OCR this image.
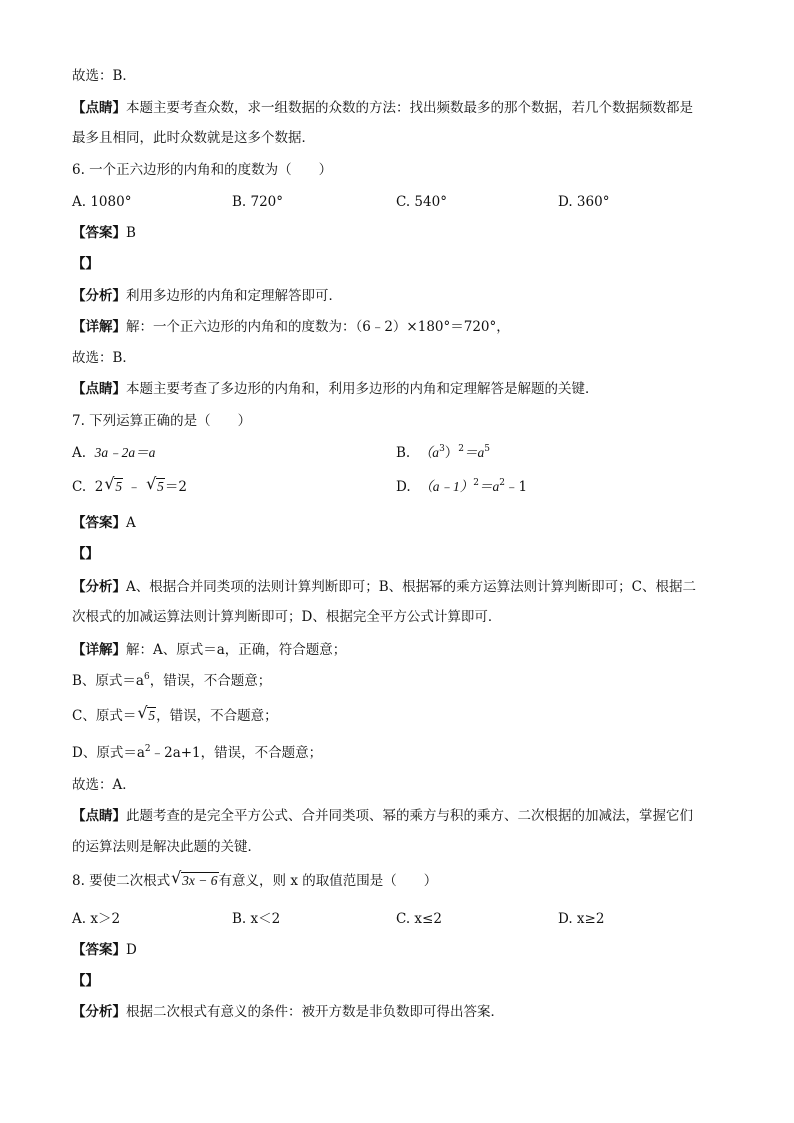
故选：B．

【点睛】本题主要考查众数，求一组数据的众数的方法：找出频数最多的那个数据，若几个数据频数都是

最多且相同，此时众数就是这多个数据．

6. 一个正六边形的内角和的度数为（　　）

A. 1080°	B. 720°	C. 540°	D. 360°

【答案】B

【】

【分析】利用多边形的内角和定理解答即可．

【详解】解：一个正六边形的内角和的度数为：（6﹣2）×180°＝720°，

故选：B．

【点睛】本题主要考查了多边形的内角和，利用多边形的内角和定理解答是解题的关键．

7. 下列运算正确的是（　　）

A. 3a﹣2a＝a	B. $(a^3)^2=a^5$
C. 2 √ 5 ﹣ √ 5＝2	D. $(a﹣1)^2=a^2﹣1$

【答案】A

【】

【分析】A、根据合并同类项的法则计算判断即可；B、根据幂的乘方运算法则计算判断即可；C、根据二

次根式的加减运算法则计算判断即可；D、根据完全平方公式计算即可．

【详解】解：A、原式＝a，正确，符合题意；

B、原式$=a^6$，错误，不合题意；

C、原式＝ √ 5，错误，不合题意；

D、原式$=a^2﹣2a+1$，错误，不合题意；

故选：A．

【点睛】此题考查的是完全平方公式、合并同类项、幂的乘方与积的乘方、二次根据的加减法，掌握它们

的运算法则是解决此题的关键．

8. 要使二次根式 √ 3x − 6有意义，则 x 的取值范围是（　　）

A. x＞2	B. x＜2	C. x≤2	D. x≥2

【答案】D

【】

【分析】根据二次根式有意义的条件：被开方数是非负数即可得出答案．
